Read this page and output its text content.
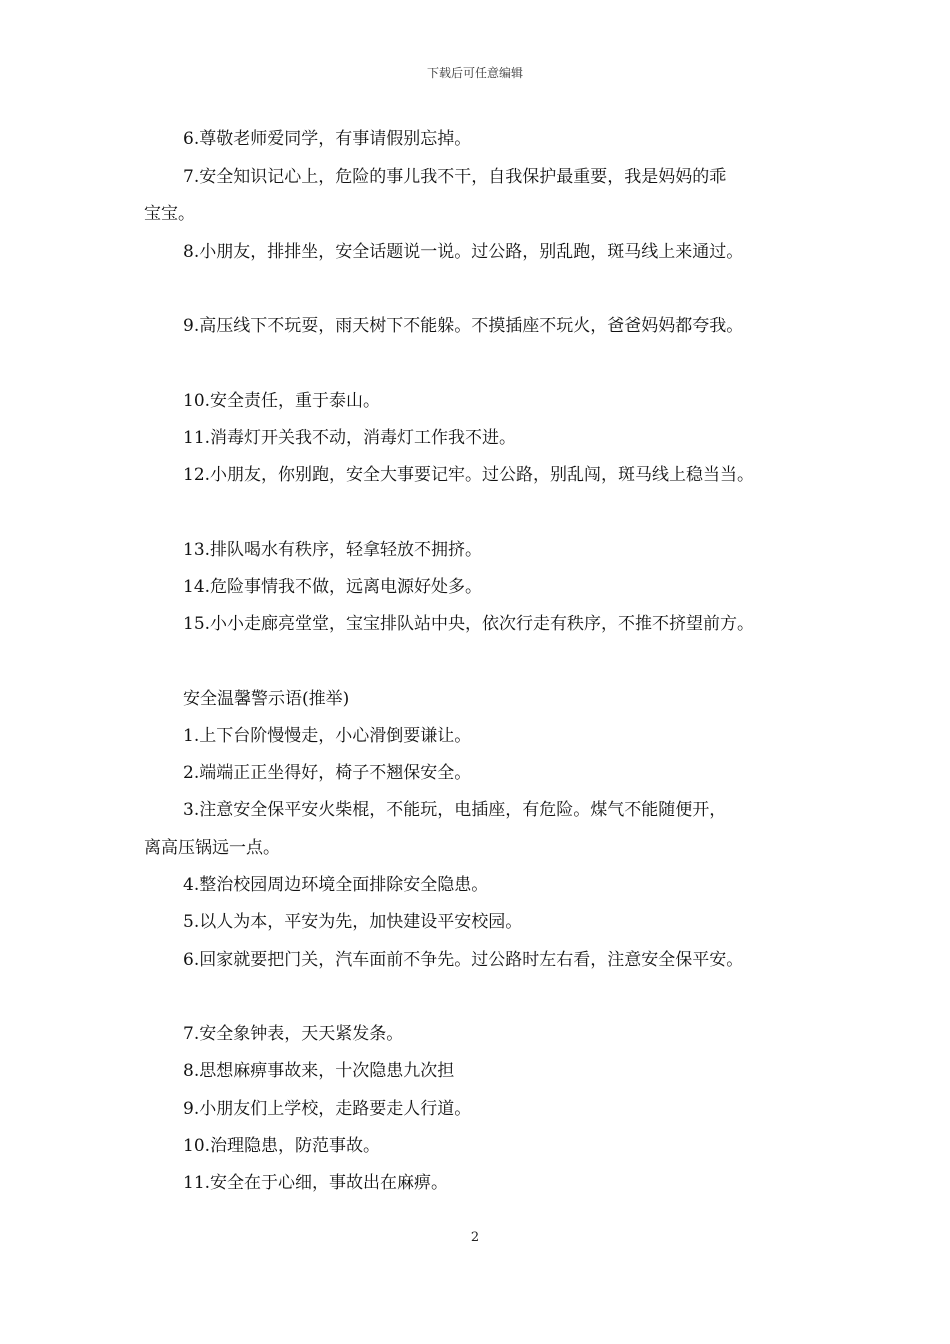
下载后可任意编辑
6.尊敬老师爱同学，有事请假别忘掉。
7.安全知识记心上，危险的事儿我不干，自我保护最重要，我是妈妈的乖
宝宝。
8.小朋友，排排坐，安全话题说一说。过公路，别乱跑，斑马线上来通过。
9.高压线下不玩耍，雨天树下不能躲。不摸插座不玩火，爸爸妈妈都夸我。
10.安全责任，重于泰山。
11.消毒灯开关我不动，消毒灯工作我不进。
12.小朋友，你别跑，安全大事要记牢。过公路，别乱闯，斑马线上稳当当。
13.排队喝水有秩序，轻拿轻放不拥挤。
14.危险事情我不做，远离电源好处多。
15.小小走廊亮堂堂，宝宝排队站中央，依次行走有秩序，不推不挤望前方。
安全温馨警示语(推举)
1.上下台阶慢慢走，小心滑倒要谦让。
2.端端正正坐得好，椅子不翘保安全。
3.注意安全保平安火柴棍，不能玩，电插座，有危险。煤气不能随便开，
离高压锅远一点。
4.整治校园周边环境全面排除安全隐患。
5.以人为本，平安为先，加快建设平安校园。
6.回家就要把门关，汽车面前不争先。过公路时左右看，注意安全保平安。
7.安全象钟表，天天紧发条。
8.思想麻痹事故来，十次隐患九次担
9.小朋友们上学校，走路要走人行道。
10.治理隐患，防范事故。
11.安全在于心细，事故出在麻痹。
2
